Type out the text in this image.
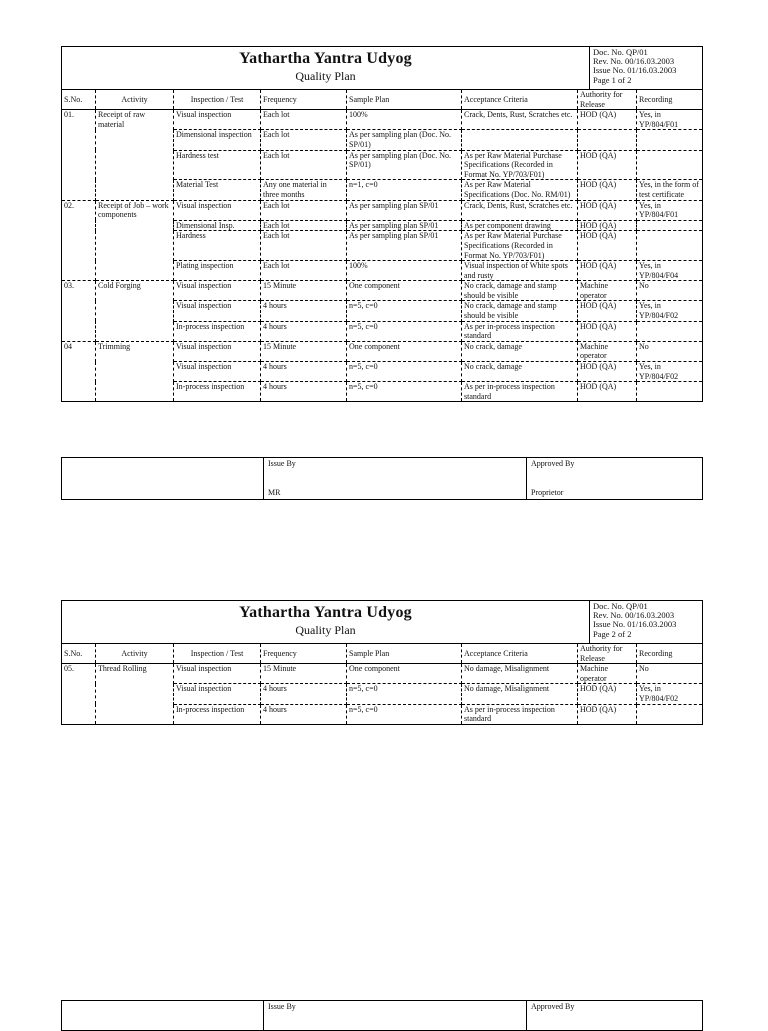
Yathartha Yantra Udyog
Quality Plan

Doc. No. QP/01
Rev. No. 00/16.03.2003
Issue No. 01/16.03.2003
Page 1 of 2
S.No.	Activity	Inspection / Test	Frequency	Sample Plan	Acceptance Criteria	Authority for Release	Recording
01.	Receipt of raw material	Visual inspection	Each lot	100%	Crack, Dents, Rust, Scratches etc.	HOD (QA)	Yes, in YP/804/F01
		Dimensional inspection	Each lot	As per sampling plan (Doc. No. SP/01)			
		Hardness test	Each lot	As per sampling plan (Doc. No. SP/01)	As per Raw Material Purchase Specifications (Recorded in Format No. YP/703/F01)	HOD (QA)	
		Material Test	Any one material in three months	n=1, c=0	As per Raw Material Specifications (Doc. No. RM/01)	HOD (QA)	Yes, in the form of test certificate
02.	Receipt of Job – work components	Visual inspection	Each lot	As per sampling plan SP/01	Crack, Dents, Rust, Scratches etc.	HOD (QA)	Yes, in YP/804/F01
		Dimensional Insp.	Each lot	As per sampling plan SP/01	As per component drawing	HOD (QA)	
		Hardness	Each lot	As per sampling plan SP/01	As per Raw Material Purchase Specifications (Recorded in Format No. YP/703/F01)	HOD (QA)	
		Plating inspection	Each lot	100%	Visual inspection of White spots and rusty	HOD (QA)	Yes, in YP/804/F04
03.	Cold Forging	Visual inspection	15 Minute	One component	No crack, damage and stamp should be visible	Machine operator	No
		Visual inspection	4 hours	n=5, c=0	No crack, damage and stamp should be visible	HOD (QA)	Yes, in YP/804/F02
		In-process inspection	4 hours	n=5, c=0	As per in-process inspection standard	HOD (QA)	
04	Trimming	Visual inspection	15 Minute	One component	No crack, damage	Machine operator	No
		Visual inspection	4 hours	n=5, c=0	No crack, damage	HOD (QA)	Yes, in YP/804/F02
		In-process inspection	4 hours	n=5, c=0	As per in-process inspection standard	HOD (QA)	
	Issue By
MR
	Approved By
Proprietor
Yathartha Yantra Udyog
Quality Plan

Doc. No. QP/01
Rev. No. 00/16.03.2003
Issue No. 01/16.03.2003
Page 2 of 2
S.No.	Activity	Inspection / Test	Frequency	Sample Plan	Acceptance Criteria	Authority for Release	Recording
05.	Thread Rolling	Visual inspection	15 Minute	One component	No damage, Misalignment	Machine operator	No
		Visual inspection	4 hours	n=5, c=0	No damage, Misalignment	HOD (QA)	Yes, in YP/804/F02
		In-process inspection	4 hours	n=5, c=0	As per in-process inspection standard	HOD (QA)	
	Issue By	Approved By
